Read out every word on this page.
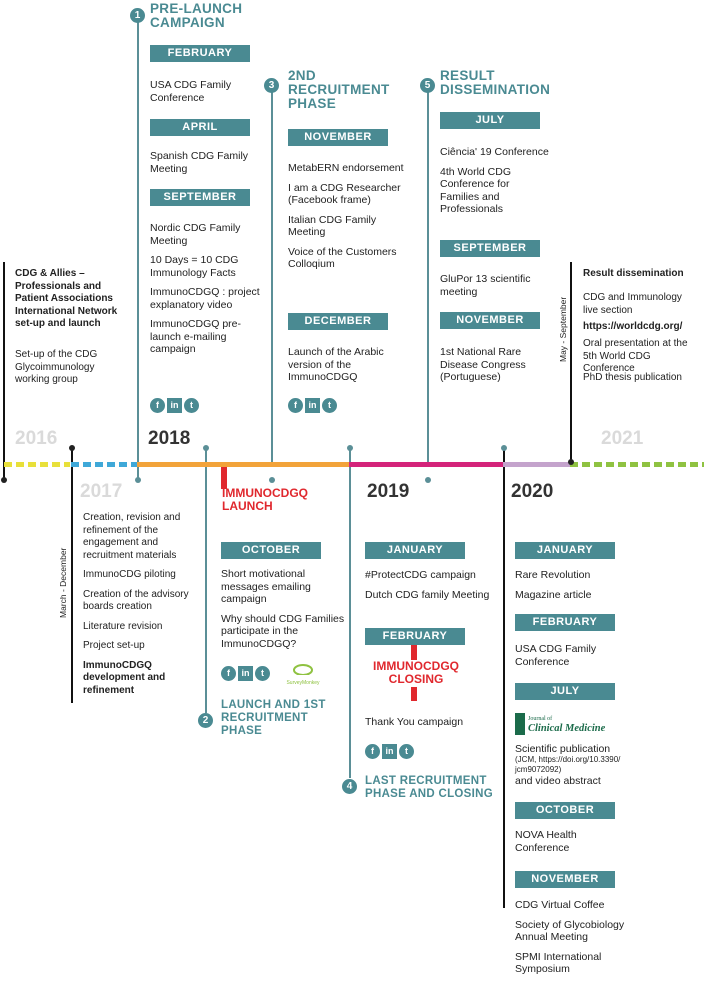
2016
2017
2018
2019	2020
2021
1 PRE-LAUNCH
CAMPAIGN
FEBRUARY
USA CDG Family Conference
APRIL
Spanish CDG Family Meeting
SEPTEMBER
Nordic CDG Family Meeting
10 Days = 10 CDG Immunology Facts
ImmunoCDGQ : project explanatory video
ImmunoCDGQ pre-launch e-mailing campaign
f	in	t
3
2ND
RECRUITMENT
PHASE
NOVEMBER
MetabERN endorsement
I am a CDG Researcher (Facebook frame)
Italian CDG Family Meeting
Voice of the Customers Colloqium
DECEMBER
Launch of the Arabic version of the ImmunoCDGQ
f	in	t
5
RESULT
DISSEMINATION
JULY
Ciência' 19 Conference
4th World CDG Conference for Families and Professionals
SEPTEMBER
GluPor 13 scientific meeting
NOVEMBER
1st National Rare Disease Congress (Portuguese)
CDG & Allies – Professionals and Patient Associations International Network set-up and launch
Set-up of the CDG Glycoimmunology working group
Result dissemination
CDG and Immunology live section
https://worldcdg.org/
Oral presentation at the 5th World CDG Conference
PhD thesis publication
May - September
Creation, revision and refinement of the engagement and recruitment materials
ImmunoCDG piloting
Creation of the advisory boards creation
Literature revision
Project set-up
ImmunoCDGQ development and refinement
March - December
IMMUNOCDGQ
LAUNCH
OCTOBER
Short motivational messages emailing campaign
Why should CDG Families participate in the ImmunoCDGQ?
f	in	t
SurveyMonkey
2
LAUNCH AND 1ST
RECRUITMENT
PHASE
JANUARY
#ProtectCDG campaign
Dutch CDG family Meeting
FEBRUARY
IMMUNOCDGQ
CLOSING
Thank You campaign
f	in	t
4	LAST RECRUITMENT
PHASE AND CLOSING
JANUARY
Rare Revolution
Magazine article
FEBRUARY
USA CDG Family Conference
JULY
Journal of
Clinical Medicine
Scientific publication
(JCM, https://doi.org/10.3390/ jcm9072092)
and video abstract
OCTOBER
NOVA Health Conference
NOVEMBER
CDG Virtual Coffee
Society of Glycobiology Annual Meeting
SPMI International Symposium
